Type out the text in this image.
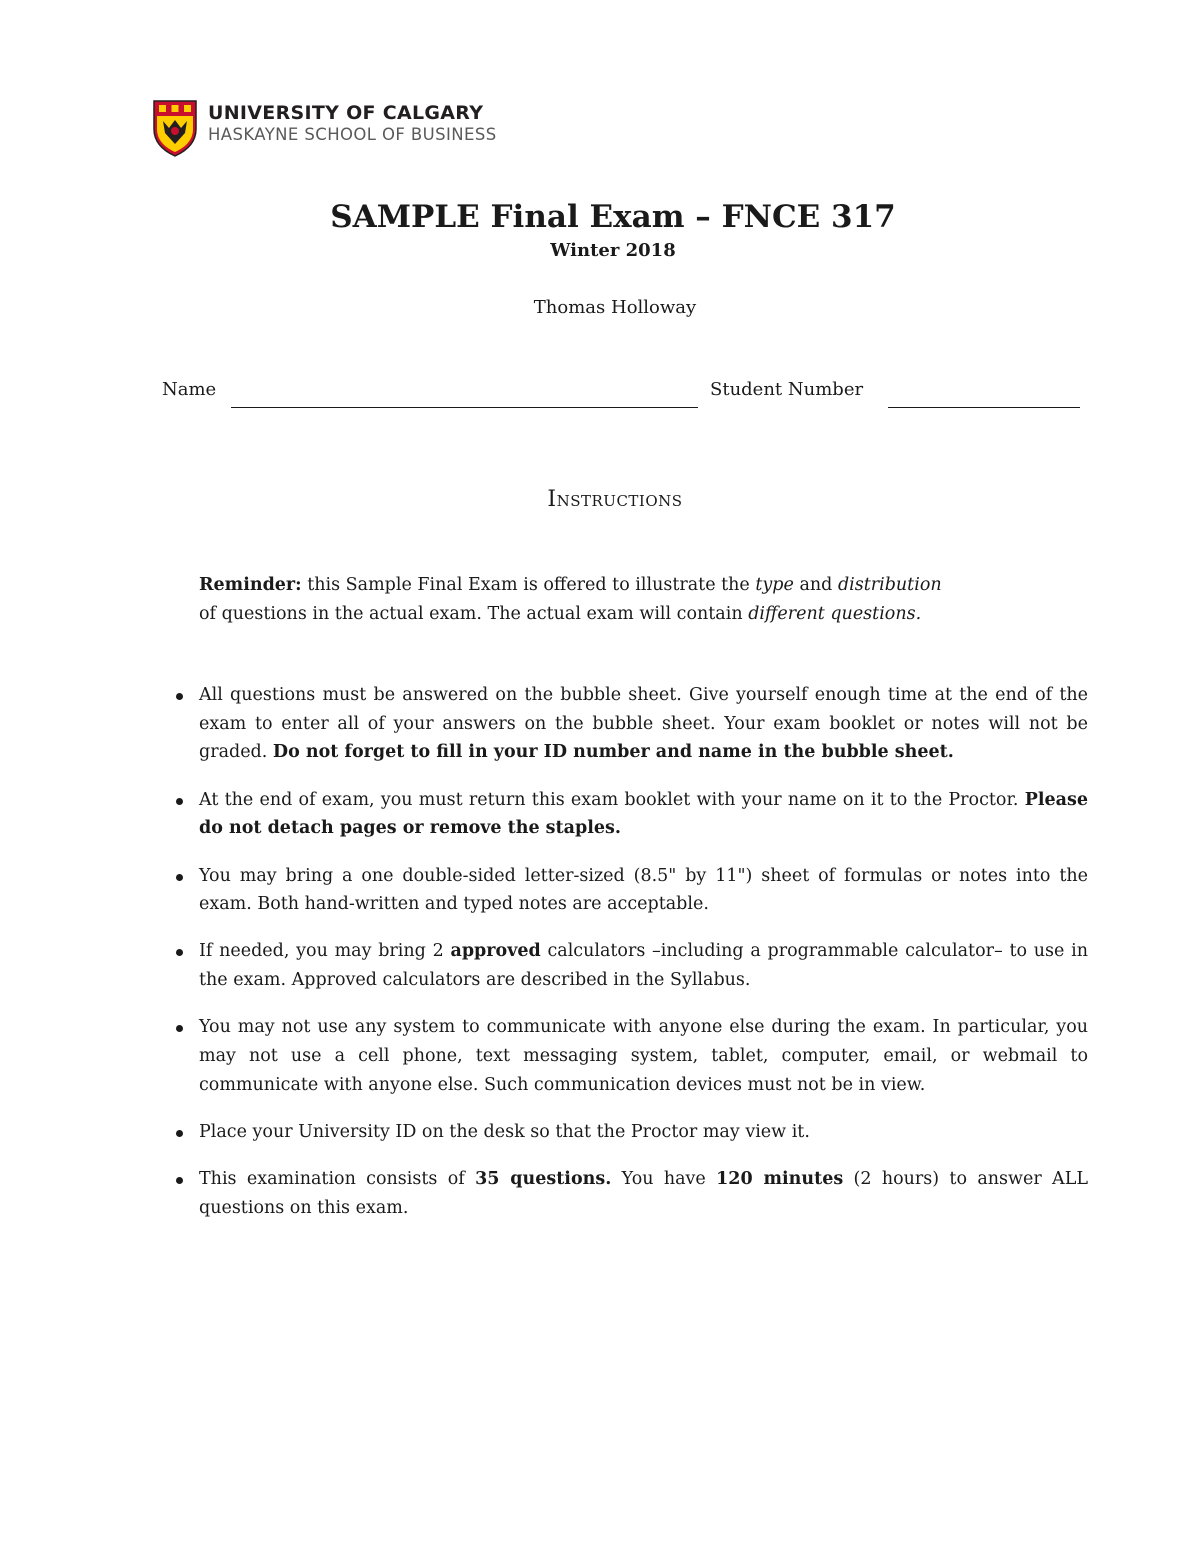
UNIVERSITY OF CALGARY
HASKAYNE SCHOOL OF BUSINESS
SAMPLE Final Exam – FNCE 317
Winter 2018
Thomas Holloway
Name	Student Number
Instructions

Reminder: this Sample Final Exam is offered to illustrate the type and distribution

of questions in the actual exam. The actual exam will contain different questions.

All questions must be answered on the bubble sheet. Give yourself enough time at the end of the exam to enter all of your answers on the bubble sheet. Your exam booklet or notes will not be graded. Do not forget to fill in your ID number and name in the bubble sheet.
At the end of exam, you must return this exam booklet with your name on it to the Proctor. Please do not detach pages or remove the staples.
You may bring a one double-sided letter-sized (8.5" by 11") sheet of formulas or notes into the exam. Both hand-written and typed notes are acceptable.
If needed, you may bring 2 approved calculators –including a programmable calculator– to use in the exam. Approved calculators are described in the Syllabus.
You may not use any system to communicate with anyone else during the exam. In particular, you may not use a cell phone, text messaging system, tablet, computer, email, or webmail to communicate with anyone else. Such communication devices must not be in view.
Place your University ID on the desk so that the Proctor may view it.
This examination consists of 35 questions. You have 120 minutes (2 hours) to answer ALL questions on this exam.
